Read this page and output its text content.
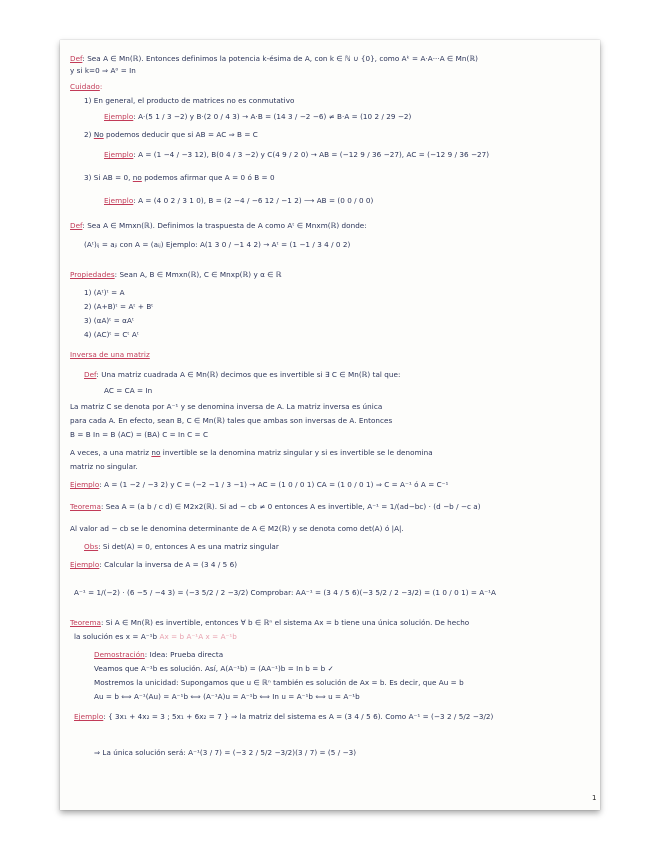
Def: Sea A ∈ Mn(ℝ). Entonces definimos la potencia k-ésima de A, con k ∈ ℕ ∪ {0}, como Aᵏ = A·A···A ∈ Mn(ℝ)
y si k=0 ⇒ A⁰ = In
Cuidado:
1) En general, el producto de matrices no es conmutativo
Ejemplo: A·(5 1 / 3 −2) y B·(2 0 / 4 3) → A·B = (14 3 / −2 −6) ≠ B·A = (10 2 / 29 −2)
2) No podemos deducir que si AB = AC ⇒ B = C
Ejemplo: A = (1 −4 / −3 12), B(0 4 / 3 −2) y C(4 9 / 2 0) → AB = (−12 9 / 36 −27), AC = (−12 9 / 36 −27)
3) Si AB = 0, no podemos afirmar que A = 0 ó B = 0
Ejemplo: A = (4 0 2 / 3 1 0), B = (2 −4 / −6 12 / −1 2) ⟶ AB = (0 0 / 0 0)
Def: Sea A ∈ Mmxn(ℝ). Definimos la traspuesta de A como Aᵗ ∈ Mnxm(ℝ) donde:
(Aᵗ)ᵢⱼ = aⱼᵢ con A = (aᵢⱼ) Ejemplo: A(1 3 0 / −1 4 2) → Aᵗ = (1 −1 / 3 4 / 0 2)
Propiedades: Sean A, B ∈ Mmxn(ℝ), C ∈ Mnxp(ℝ) y α ∈ ℝ
1) (Aᵗ)ᵗ = A
2) (A+B)ᵗ = Aᵗ + Bᵗ
3) (αA)ᵗ = αAᵗ
4) (AC)ᵗ = Cᵗ Aᵗ
Inversa de una matriz
Def: Una matriz cuadrada A ∈ Mn(ℝ) decimos que es invertible si ∃ C ∈ Mn(ℝ) tal que:
AC = CA = In
La matriz C se denota por A⁻¹ y se denomina inversa de A. La matriz inversa es única
para cada A. En efecto, sean B, C ∈ Mn(ℝ) tales que ambas son inversas de A. Entonces
B = B In = B (AC) = (BA) C = In C = C
A veces, a una matriz no invertible se la denomina matriz singular y si es invertible se le denomina
matriz no singular.
Ejemplo: A = (1 −2 / −3 2) y C = (−2 −1 / 3 −1) → AC = (1 0 / 0 1) CA = (1 0 / 0 1) ⇒ C = A⁻¹ ó A = C⁻¹
Teorema: Sea A = (a b / c d) ∈ M2x2(ℝ). Si ad − cb ≠ 0 entonces A es invertible, A⁻¹ = 1/(ad−bc) · (d −b / −c a)
Al valor ad − cb se le denomina determinante de A ∈ M2(ℝ) y se denota como det(A) ó |A|.
Obs: Si det(A) = 0, entonces A es una matriz singular
Ejemplo: Calcular la inversa de A = (3 4 / 5 6)
A⁻¹ = 1/(−2) · (6 −5 / −4 3) = (−3 5/2 / 2 −3/2) Comprobar: AA⁻¹ = (3 4 / 5 6)(−3 5/2 / 2 −3/2) = (1 0 / 0 1) = A⁻¹A
Teorema: Si A ∈ Mn(ℝ) es invertible, entonces ∀ b ∈ ℝⁿ el sistema Ax = b tiene una única solución. De hecho
la solución es x = A⁻¹b Ax = b A⁻¹A x = A⁻¹b
Demostración: Idea: Prueba directa
Veamos que A⁻¹b es solución. Así, A(A⁻¹b) = (AA⁻¹)b = In b = b ✓
Mostremos la unicidad: Supongamos que u ∈ ℝⁿ también es solución de Ax = b. Es decir, que Au = b
Au = b ⟺ A⁻¹(Au) = A⁻¹b ⟺ (A⁻¹A)u = A⁻¹b ⟺ In u = A⁻¹b ⟺ u = A⁻¹b
Ejemplo: { 3x₁ + 4x₂ = 3 ; 5x₁ + 6x₂ = 7 } ⇒ la matriz del sistema es A = (3 4 / 5 6). Como A⁻¹ = (−3 2 / 5/2 −3/2)
⇒ La única solución será: A⁻¹(3 / 7) = (−3 2 / 5/2 −3/2)(3 / 7) = (5 / −3)
1
